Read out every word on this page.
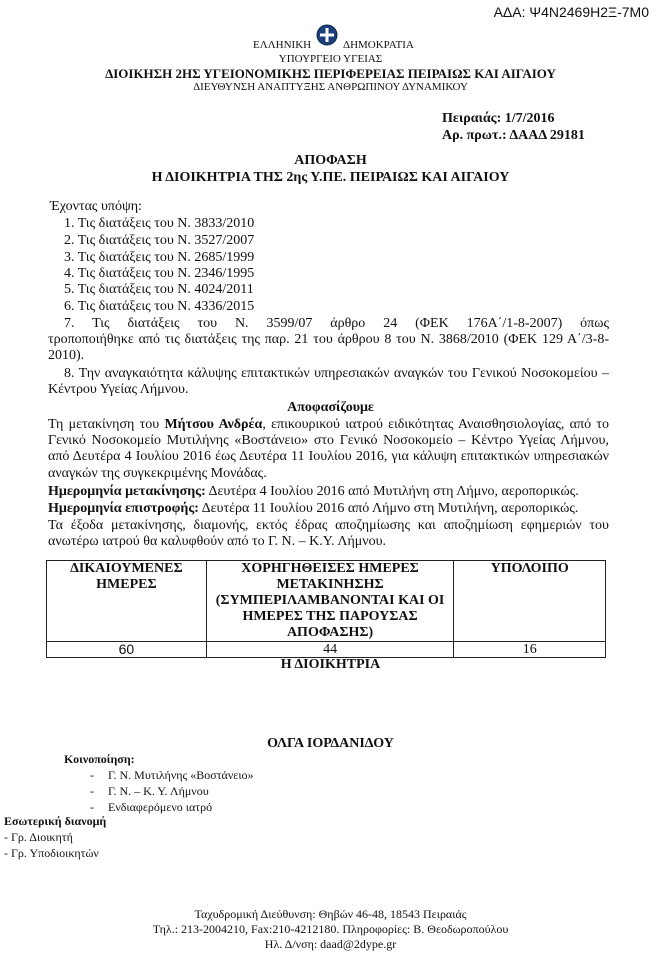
ΑΔΑ: Ψ4Ν2469Η2Ξ-7Μ0
ΕΛΛΗΝΙΚΗ	ΔΗΜΟΚΡΑΤΙΑ
ΥΠΟΥΡΓΕΙΟ ΥΓΕΙΑΣ
ΔΙΟΙΚΗΣΗ 2ΗΣ ΥΓΕΙΟΝΟΜΙΚΗΣ ΠΕΡΙΦΕΡΕΙΑΣ ΠΕΙΡΑΙΩΣ ΚΑΙ ΑΙΓΑΙΟΥ
ΔΙΕΥΘΥΝΣΗ ΑΝΑΠΤΥΞΗΣ ΑΝΘΡΩΠΙΝΟΥ ΔΥΝΑΜΙΚΟΥ
Πειραιάς: 1/7/2016
Αρ. πρωτ.: ΔΑΑΔ 29181
ΑΠΟΦΑΣΗ
Η ΔΙΟΙΚΗΤΡΙΑ ΤΗΣ 2ης Υ.ΠΕ. ΠΕΙΡΑΙΩΣ ΚΑΙ ΑΙΓΑΙΟΥ
Έχοντας υπόψη:
1. Τις διατάξεις του Ν. 3833/2010
2. Τις διατάξεις του Ν. 3527/2007
3. Τις διατάξεις του Ν. 2685/1999
4. Τις διατάξεις του Ν. 2346/1995
5. Τις διατάξεις του Ν. 4024/2011
6. Τις διατάξεις του Ν. 4336/2015
7. Τις διατάξεις του Ν. 3599/07 άρθρο 24 (ΦΕΚ 176Α΄/1-8-2007) όπως
τροποποιήθηκε από τις διατάξεις της παρ. 21 του άρθρου 8 του Ν. 3868/2010 (ΦΕΚ 129 Α΄/3-8-
2010).
8. Την αναγκαιότητα κάλυψης επιτακτικών υπηρεσιακών αναγκών του Γενικού Νοσοκομείου –
Κέντρου Υγείας Λήμνου.
Αποφασίζουμε
Τη μετακίνηση του Μήτσου Ανδρέα, επικουρικού ιατρού ειδικότητας Αναισθησιολογίας, από το
Γενικό Νοσοκομείο Μυτιλήνης «Βοστάνειο» στο Γενικό Νοσοκομείο – Κέντρο Υγείας Λήμνου,
από Δευτέρα 4 Ιουλίου 2016 έως Δευτέρα 11 Ιουλίου 2016, για κάλυψη επιτακτικών υπηρεσιακών
αναγκών της συγκεκριμένης Μονάδας.
Ημερομηνία μετακίνησης: Δευτέρα 4 Ιουλίου 2016 από Μυτιλήνη στη Λήμνο, αεροπορικώς.
Ημερομηνία επιστροφής: Δευτέρα 11 Ιουλίου 2016 από Λήμνο στη Μυτιλήνη, αεροπορικώς.
Τα έξοδα μετακίνησης, διαμονής, εκτός έδρας αποζημίωσης και αποζημίωση εφημεριών του
ανωτέρω ιατρού θα καλυφθούν από το Γ. Ν. – Κ.Υ. Λήμνου.
ΔΙΚΑΙΟΥΜΕΝΕΣ ΗΜΕΡΕΣ	ΧΟΡΗΓΗΘΕΙΣΕΣ ΗΜΕΡΕΣ ΜΕΤΑΚΙΝΗΣΗΣ (ΣΥΜΠΕΡΙΛΑΜΒΑΝΟΝΤΑΙ ΚΑΙ ΟΙ ΗΜΕΡΕΣ ΤΗΣ ΠΑΡΟΥΣΑΣ ΑΠΟΦΑΣΗΣ)	ΥΠΟΛΟΙΠΟ
60	44	16
Η ΔΙΟΙΚΗΤΡΙΑ
ΟΛΓΑ ΙΟΡΔΑΝΙΔΟΥ
Κοινοποίηση:
- Γ. Ν. Μυτιλήνης «Βοστάνειο»
- Γ. Ν. – Κ. Υ. Λήμνου
- Ενδιαφερόμενο ιατρό
Εσωτερική διανομή
- Γρ. Διοικητή
- Γρ. Υποδιοικητών
Ταχυδρομική Διεύθυνση: Θηβών 46-48, 18543 Πειραιάς
Τηλ.: 213-2004210, Fax:210-4212180. Πληροφορίες: Β. Θεοδωροπούλου
Ηλ. Δ/νση: daad@2dype.gr
